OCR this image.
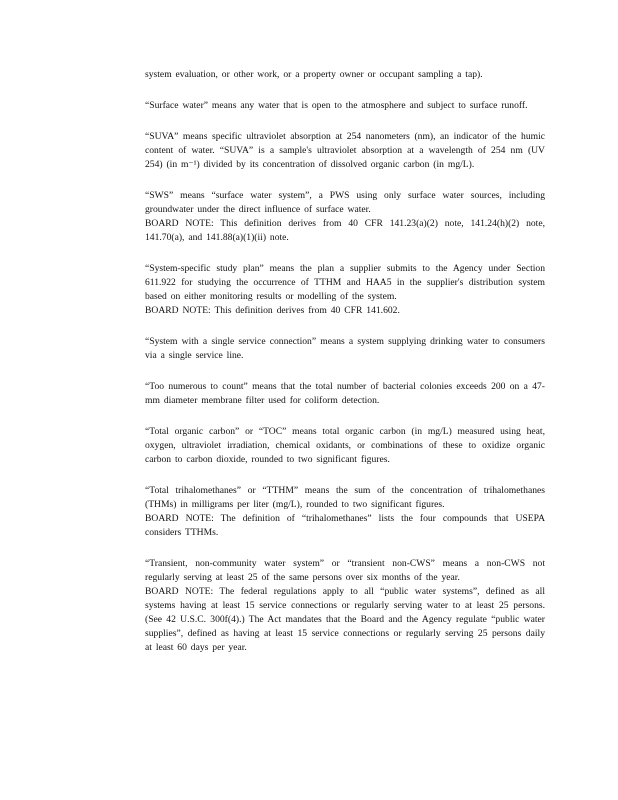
system evaluation, or other work, or a property owner or occupant sampling a tap).

“Surface water” means any water that is open to the atmosphere and subject to surface runoff.

“SUVA” means specific ultraviolet absorption at 254 nanometers (nm), an indicator of the humic content of water. “SUVA” is a sample's ultraviolet absorption at a wavelength of 254 nm (UV 254) (in m⁻¹) divided by its concentration of dissolved organic carbon (in mg/L).

“SWS” means “surface water system”, a PWS using only surface water sources, including groundwater under the direct influence of surface water.
BOARD NOTE: This definition derives from 40 CFR 141.23(a)(2) note, 141.24(h)(2) note, 141.70(a), and 141.88(a)(1)(ii) note.

“System-specific study plan” means the plan a supplier submits to the Agency under Section 611.922 for studying the occurrence of TTHM and HAA5 in the supplier's distribution system based on either monitoring results or modelling of the system.
BOARD NOTE: This definition derives from 40 CFR 141.602.

“System with a single service connection” means a system supplying drinking water to consumers via a single service line.

“Too numerous to count” means that the total number of bacterial colonies exceeds 200 on a 47-mm diameter membrane filter used for coliform detection.

“Total organic carbon” or “TOC” means total organic carbon (in mg/L) measured using heat, oxygen, ultraviolet irradiation, chemical oxidants, or combinations of these to oxidize organic carbon to carbon dioxide, rounded to two significant figures.

“Total trihalomethanes” or “TTHM” means the sum of the concentration of trihalomethanes (THMs) in milligrams per liter (mg/L), rounded to two significant figures.
BOARD NOTE: The definition of “trihalomethanes” lists the four compounds that USEPA considers TTHMs.

“Transient, non-community water system” or “transient non-CWS” means a non-CWS not regularly serving at least 25 of the same persons over six months of the year.
BOARD NOTE: The federal regulations apply to all “public water systems”, defined as all systems having at least 15 service connections or regularly serving water to at least 25 persons. (See 42 U.S.C. 300f(4).) The Act mandates that the Board and the Agency regulate “public water supplies”, defined as having at least 15 service connections or regularly serving 25 persons daily at least 60 days per year.
